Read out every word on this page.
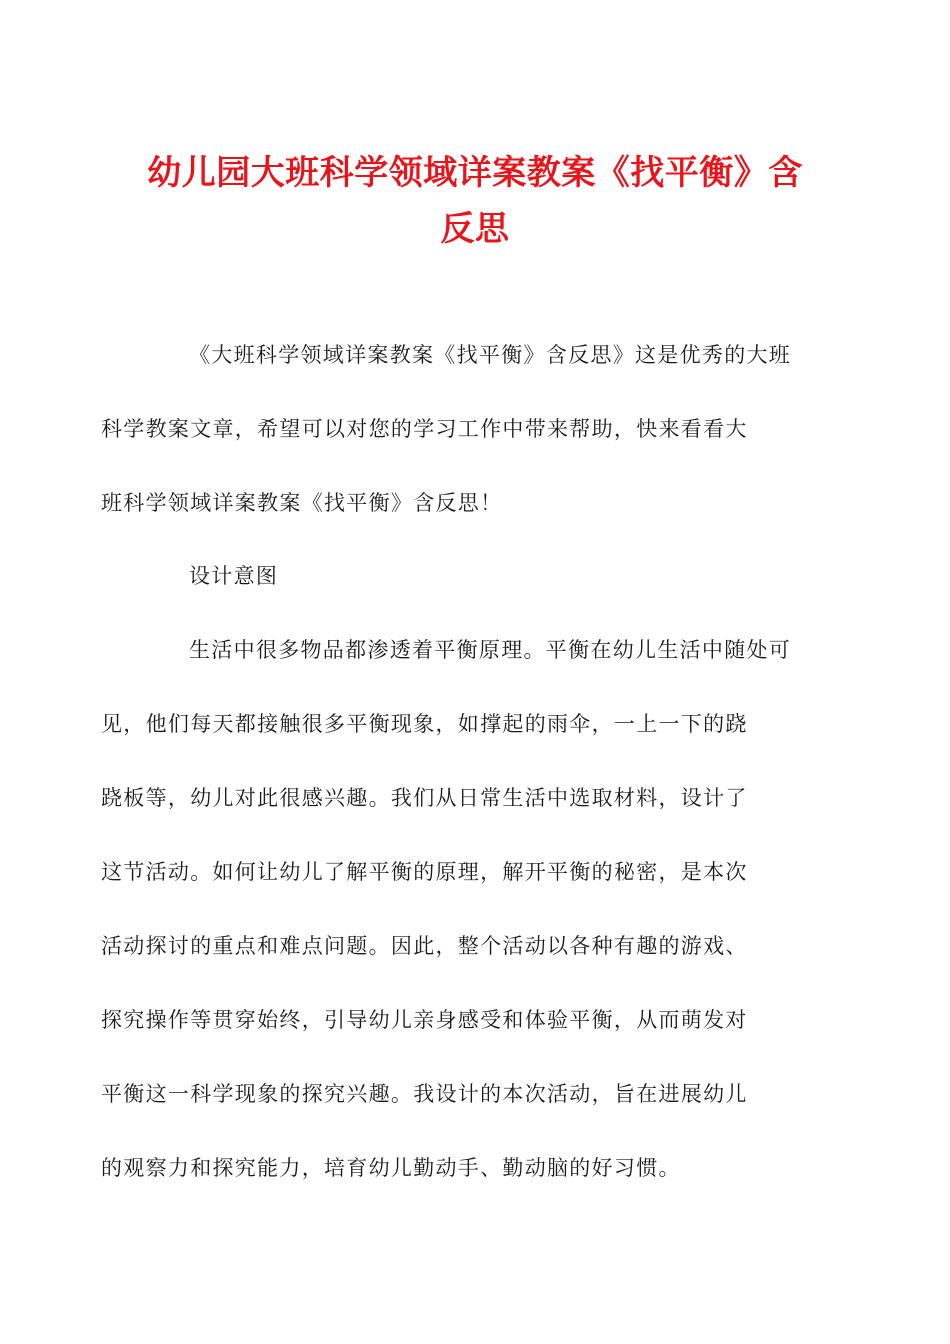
幼儿园大班科学领域详案教案《找平衡》含
反思

《大班科学领域详案教案《找平衡》含反思》这是优秀的大班
科学教案文章，希望可以对您的学习工作中带来帮助，快来看看大
班科学领域详案教案《找平衡》含反思！

设计意图

生活中很多物品都渗透着平衡原理。平衡在幼儿生活中随处可
见，他们每天都接触很多平衡现象，如撑起的雨伞，一上一下的跷
跷板等，幼儿对此很感兴趣。我们从日常生活中选取材料，设计了
这节活动。如何让幼儿了解平衡的原理，解开平衡的秘密，是本次
活动探讨的重点和难点问题。因此，整个活动以各种有趣的游戏、
探究操作等贯穿始终，引导幼儿亲身感受和体验平衡，从而萌发对
平衡这一科学现象的探究兴趣。我设计的本次活动，旨在进展幼儿
的观察力和探究能力，培育幼儿勤动手、勤动脑的好习惯。
